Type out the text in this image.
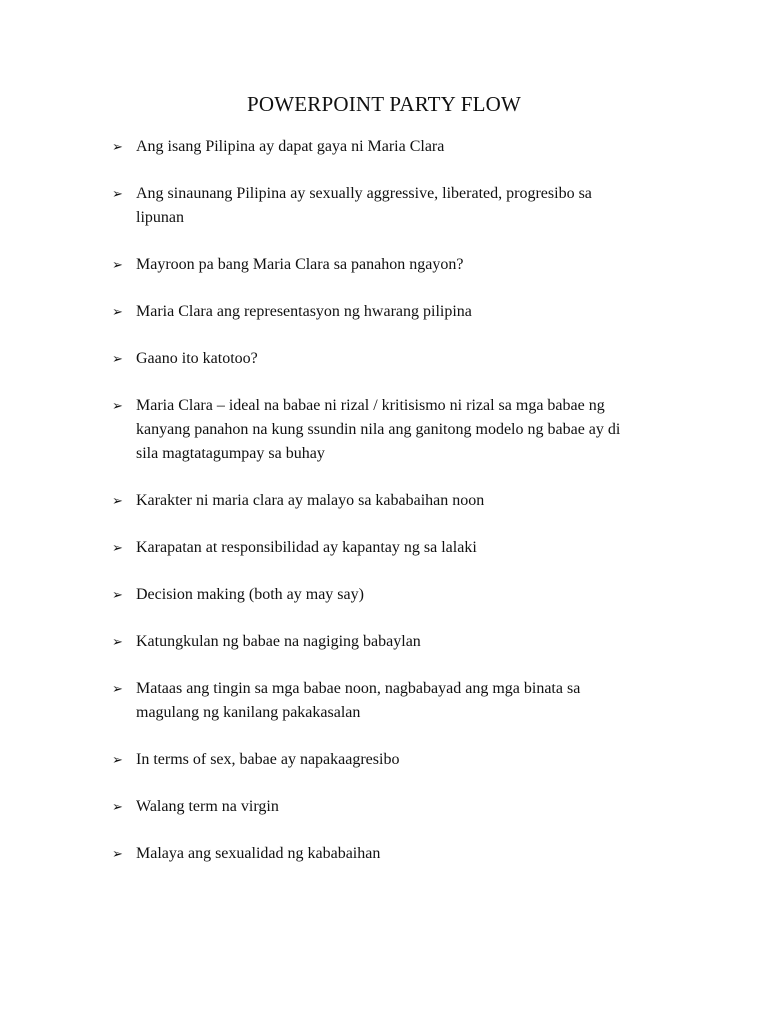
POWERPOINT PARTY FLOW
➢ Ang isang Pilipina ay dapat gaya ni Maria Clara
➢ Ang sinaunang Pilipina ay sexually aggressive, liberated, progresibo sa lipunan
➢ Mayroon pa bang Maria Clara sa panahon ngayon?
➢ Maria Clara ang representasyon ng hwarang pilipina
➢ Gaano ito katotoo?
➢ Maria Clara – ideal na babae ni rizal / kritisismo ni rizal sa mga babae ng kanyang panahon na kung ssundin nila ang ganitong modelo ng babae ay di sila magtatagumpay sa buhay
➢ Karakter ni maria clara ay malayo sa kababaihan noon
➢ Karapatan at responsibilidad ay kapantay ng sa lalaki
➢ Decision making (both ay may say)
➢ Katungkulan ng babae na nagiging babaylan
➢ Mataas ang tingin sa mga babae noon, nagbabayad ang mga binata sa magulang ng kanilang pakakasalan
➢ In terms of sex, babae ay napakaagresibo
➢ Walang term na virgin
➢ Malaya ang sexualidad ng kababaihan
